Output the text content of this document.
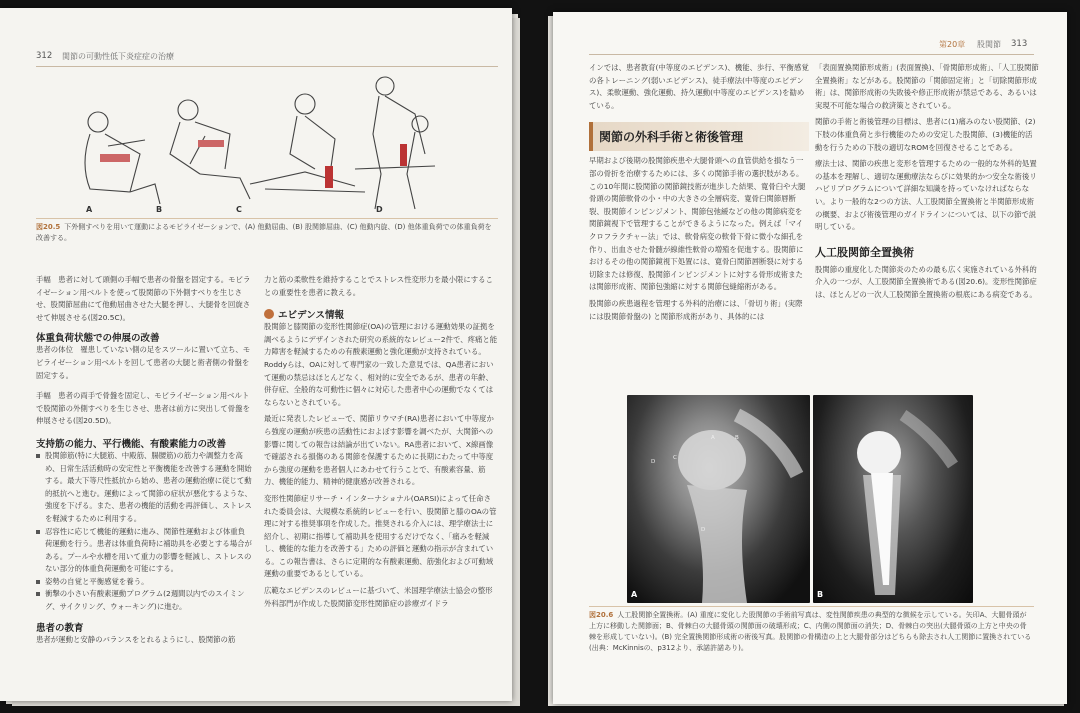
312 関節の可動性低下炎症症の治療
A	B	C	D
図20.5 下外側すべりを用いて運動によるモビライゼーションで、(A) 他動屈曲、(B) 股関節屈曲、(C) 他動内旋、(D) 他体重負荷での体重負荷を改善する。

手幅　患者に対して頭側の手幅で患者の骨盤を固定する。モビライゼーション用ベルトを使って股関節の下外側すべりを生じさせ、股関節屈曲にて他動屈曲させた大腿を押し、大腿骨を回旋させて伸展させる(図20.5C)。

体重負荷状態での伸展の改善

患者の体位　罹患していない側の足をスツールに置いて立ち、モビライゼーション用ベルトを回して患者の大腿と術者側の骨盤を固定する。

手幅　患者の両手で骨盤を固定し、モビライゼーション用ベルトで股関節の外側すべりを生じさせ、患者は前方に突出して骨盤を伸展させる(図20.5D)。

支持筋の能力、平行機能、有酸素能力の改善

股関節筋(特に大腿筋、中殿筋、腸腰筋)の筋力や調整力を高め、日常生活活動時の安定性と平衡機能を改善する運動を開始する。最大下等尺性抵抗から始め、患者の運動治療に従じて動的抵抗へと進む。運動によって関節の症状が悪化するような、強度を下げる。また、患者の機能的活動を再評価し、ストレスを軽減するために利用する。

忍容性に応じて機能的運動に進み、関節性運動および体重負荷運動を行う。患者は体重負荷時に補助具を必要とする場合がある。プールや水槽を用いて重力の影響を軽減し、ストレスのない部分的体重負荷運動を可能にする。

姿勢の自覚と平衡感覚を養う。

衝撃の小さい有酸素運動プログラム(2週間以内でのスイミング、サイクリング、ウォーキング)に進む。

患者の教育

患者が運動と安静のバランスをとれるようにし、股関節の筋

力と筋の柔軟性を維持することでストレス性変形力を最小限にすることの重要性を患者に教える。

エビデンス情報

股関節と膝関節の変形性関節症(OA)の管理における運動効果の証拠を調べるようにデザインされた研究の系統的なレビュー2件で、疼痛と能力障害を軽減するための有酸素運動と強化運動が支持されている。Roddyらは、OAに対して専門家の一致した意見では、QA患者において運動の禁忌はほとんどなく、相対的に安全であるが、患者の年齢、併存症、全般的な可動性に個々に対応した患者中心の運動でなくてはならないとされている。

最近に発表したレビューで、関節リウマチ(RA)患者において中等度から強度の運動が疾患の活動性におよぼす影響を調べたが、大関節への影響に関しての報告は結論が出ていない。RA患者において、X線画像で確認される損傷のある関節を保護するために長期にわたって中等度から強度の運動を患者個人にあわせて行うことで、有酸素容量、筋力、機能的能力、精神的健康感が改善される。

変形性関節症リサーチ・インターナショナル(OARSI)によって任命された委員会は、大規模な系統的レビューを行い、股関節と膝のOAの管理に対する推奨事項を作成した。推奨される介入には、理学療法士に紹介し、初期に指導して補助具を使用するだけでなく、「痛みを軽減し、機能的な能力を改善する」ための評価と運動の指示が含まれている。この報告書は、さらに定期的な有酸素運動、筋強化および可動域運動の重要であるとしている。

広範なエビデンスのレビューに基づいて、米国理学療法士協会の整形外科部門が作成した股関節変形性関節症の診療ガイドラ

第20章 股関節 313

インでは、患者教育(中等度のエビデンス)、機能、歩行、平衡感覚の各トレーニング(弱いエビデンス)、徒手療法(中等度のエビデンス)、柔軟運動、強化運動、持久運動(中等度のエビデンス)を勧めている。

関節の外科手術と術後管理

早期および後期の股関節疾患や大腿骨頭への血管供給を損なう一部の骨折を治療するためには、多くの関節手術の選択肢がある。この10年間に股関節の関節鏡技術が進歩した結果、寛骨臼や大腿骨頭の関節軟骨の小・中の大きさの全層病変、寛骨臼関節唇断裂、股関節インピンジメント、関節包弛緩などの他の関節病変を関節鏡視下で管理することができるようになった。例えば「マイクロフラクチャー法」では、軟骨病変の軟骨下骨に微小な細孔を作り、出血させた骨髄が線維性軟骨の増殖を促進する。股関節におけるその他の関節鏡視下処置には、寛骨臼関節唇断裂に対する切除または修復、股関節インピンジメントに対する骨形成術または関節形成術、関節包強縮に対する関節包縫縮術がある。

股関節の疾患過程を管理する外科的治療には、「骨切り術」(実際には股関節骨盤の) と関節形成術があり、具体的には

「表面置換関節形成術」(表面置換)、「骨関節形成術」、「人工股関節全置換術」などがある。股関節の「関節固定術」と「切除関節形成術」は、関節形成術の失敗後や修正形成術が禁忌である、あるいは実現不可能な場合の救済策とされている。

関節の手術と術後管理の目標は、患者に(1)痛みのない股関節、(2)下肢の体重負荷と歩行機能のための安定した股関節、(3)機能的活動を行うための下肢の適切なROMを回復させることである。

療法士は、関節の疾患と変形を管理するための一般的な外科的処置の基本を理解し、適切な運動療法ならびに効果的かつ安全な術後リハビリプログラムについて詳細な知識を持っていなければならない。より一般的な2つの方法、人工股関節全置換術と半関節形成術の概要、および術後管理のガイドラインについては、以下の節で説明している。

人工股関節全置換術

股関節の重度化した関節炎のための最も広く実施されている外科的介入の一つが、人工股関節全置換術である(図20.6)。変形性関節症は、ほとんどの一次人工股関節全置換術の根底にある病変である。

A	B
C
D
D
A	B
図20.6 人工股関節全置換術。(A) 重度に変化した股関節の手術前写真は、変性関節疾患の典型的な徴候を示している。矢印A、大腿骨頭が上方に移動した関節面；B、骨棘白の大腿骨頭の関節面の破壊形成；C、内側の関節面の消失；D、骨棘白の突出(大腿骨頭の上方と中央の骨棘を形成していない)。(B) 完全置換関節形成術の術後写真。股関節の骨構造の上と大腿骨部分はどちらも除去され人工関節に置換されている(出典：McKinnisの、p312より、承諾許諾あり)。
